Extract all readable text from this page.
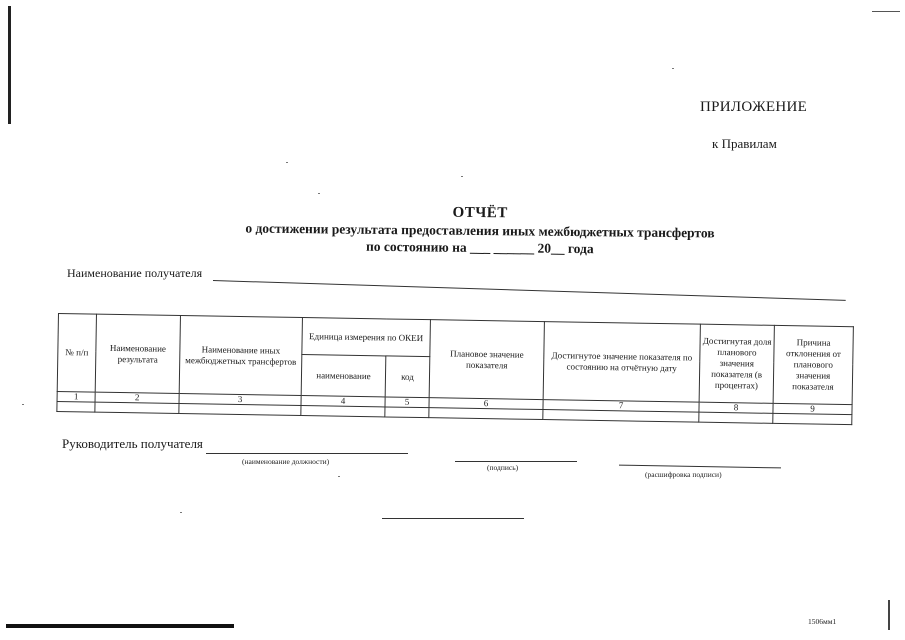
ПРИЛОЖЕНИЕ
к Правилам
ОТЧЁТ
о достижении результата предоставления иных межбюджетных трансфертов
по состоянию на ___ ______ 20__ года
Наименование получателя
№ п/п	Наименование результата	Наименование иных межбюджетных трансфертов	Единица измерения по ОКЕИ		Плановое значение показателя	Достигнутое значение показателя по состоянию на отчётную дату	Достигнутая доля планового значения показателя (в процентах)	Причина отклонения от планового значения показателя
			наименование	код				
1	2	3	4	5	6	7	8	9

Руководитель получателя
(наименование должности)
(подпись)
(расшифровка подписи)
1506мм1
